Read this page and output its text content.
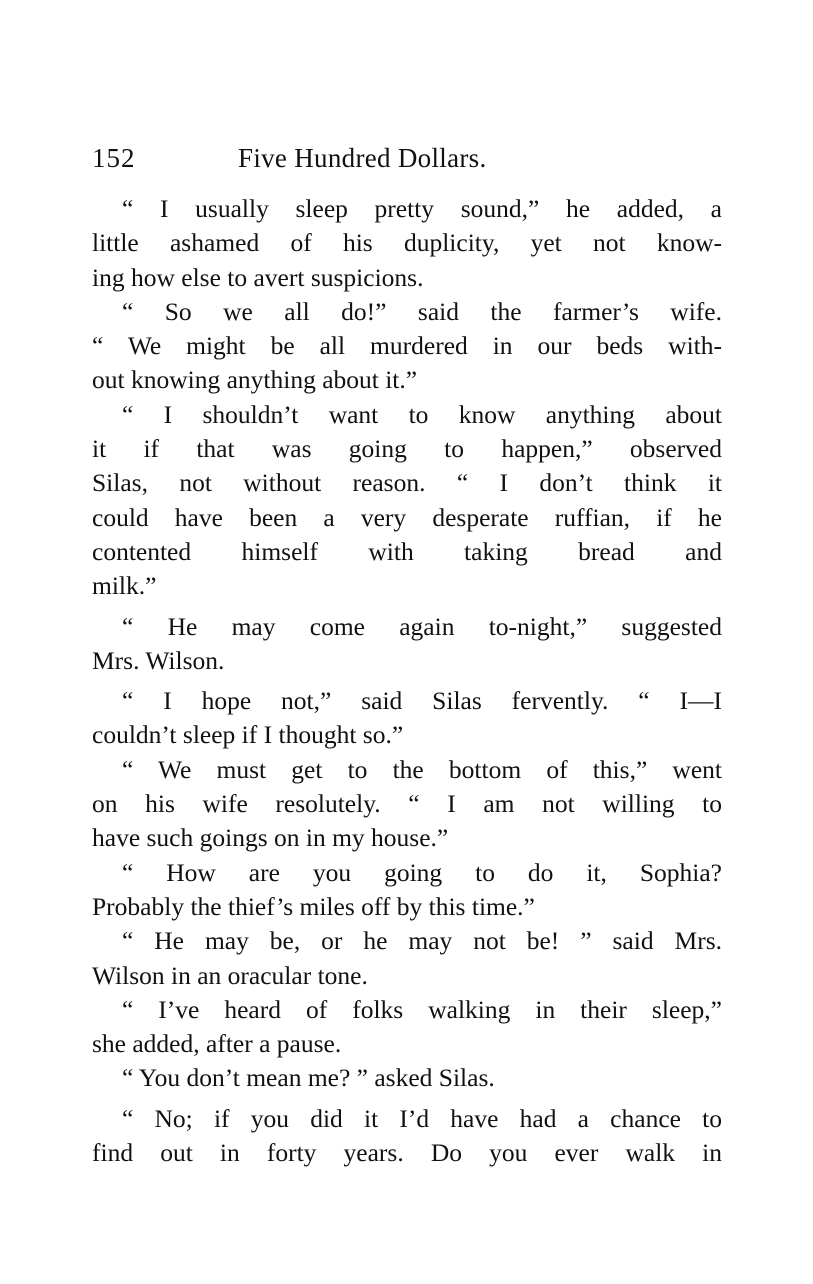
152	Five Hundred Dollars.
“ I usually sleep pretty sound,” he added, a
little ashamed of his duplicity, yet not know-
ing how else to avert suspicions.
“ So we all do!” said the farmer’s wife.
“ We might be all murdered in our beds with-
out knowing anything about it.”
“ I shouldn’t want to know anything about
it if that was going to happen,” observed
Silas, not without reason. “ I don’t think it
could have been a very desperate ruffian, if he
contented himself with taking bread and
milk.”
“ He may come again to-night,” suggested
Mrs. Wilson.
“ I hope not,” said Silas fervently. “ I—I
couldn’t sleep if I thought so.”
“ We must get to the bottom of this,” went
on his wife resolutely. “ I am not willing to
have such goings on in my house.”
“ How are you going to do it, Sophia?
Probably the thief’s miles off by this time.”
“ He may be, or he may not be! ” said Mrs.
Wilson in an oracular tone.
“ I’ve heard of folks walking in their sleep,”
she added, after a pause.
“ You don’t mean me? ” asked Silas.
“ No; if you did it I’d have had a chance to
find out in forty years. Do you ever walk in
